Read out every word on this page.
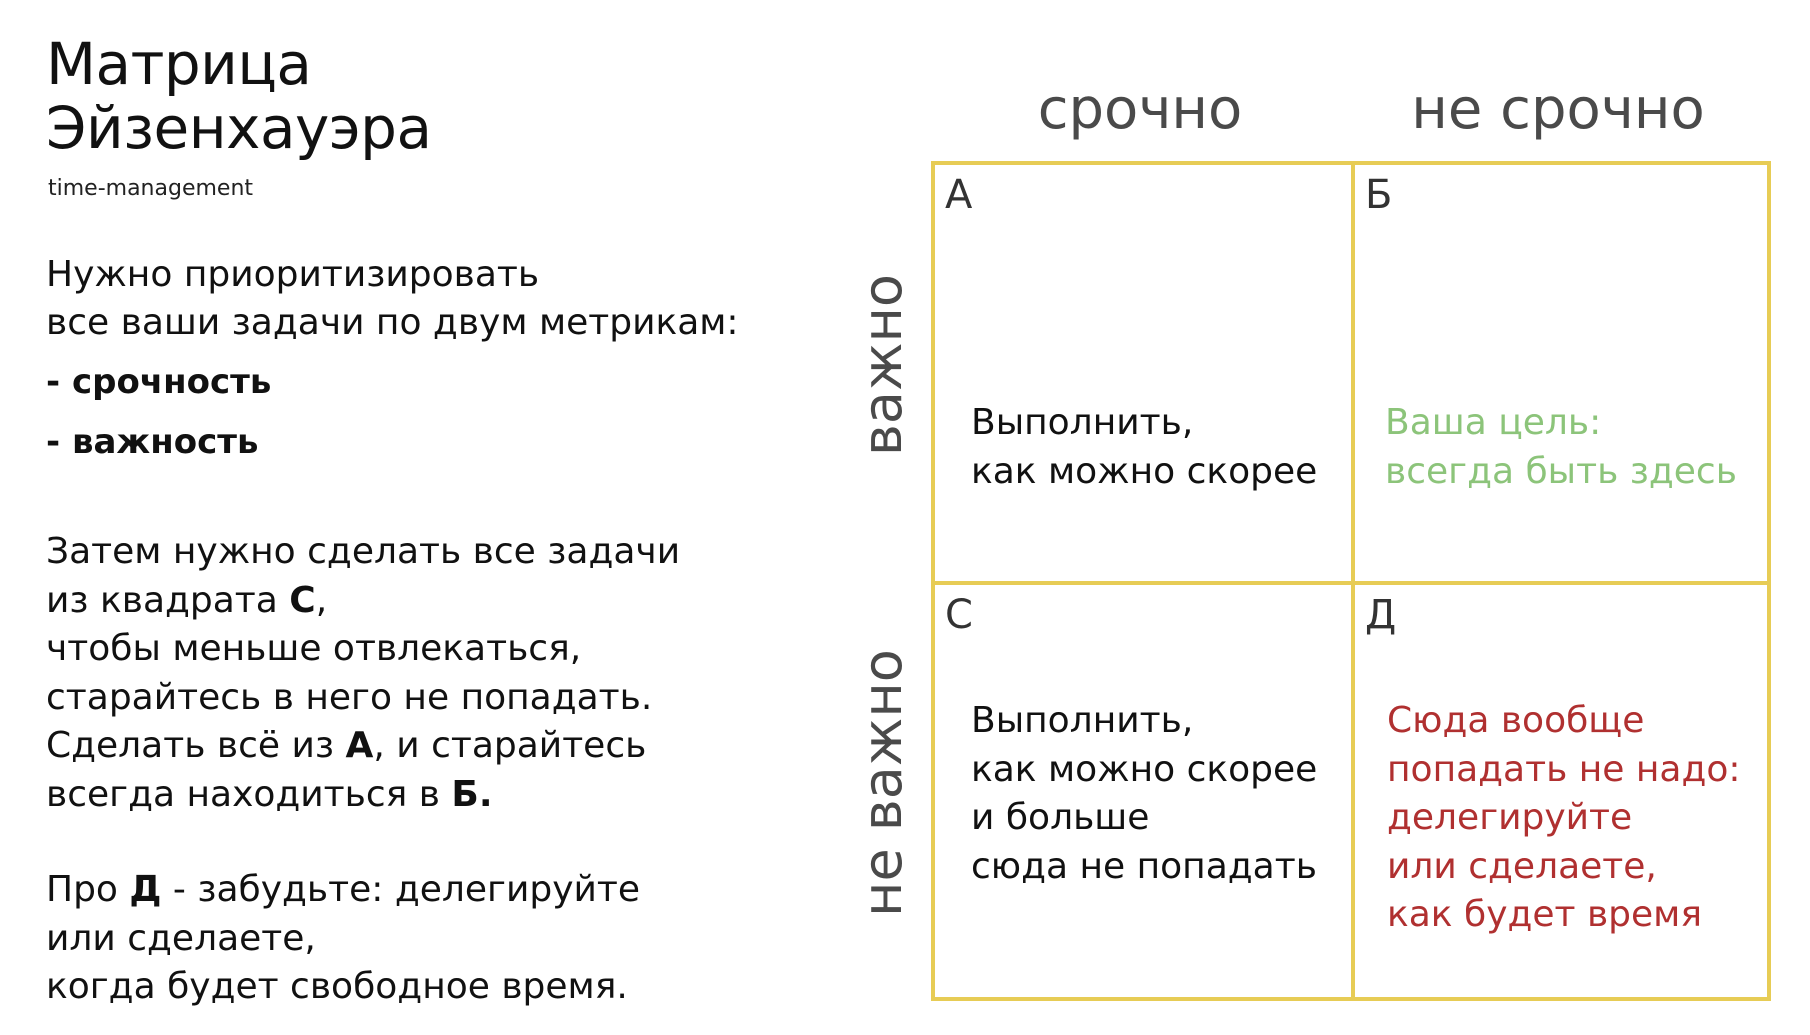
Матрица
Эйзенхауэра
time-management
Нужно приоритизировать
все ваши задачи по двум метрикам:
- срочность
- важность
Затем нужно сделать все задачи
из квадрата С,
чтобы меньше отвлекаться,
старайтесь в него не попадать.
Сделать всё из А, и старайтесь
всегда находиться в Б.
Про Д - забудьте: делегируйте
или сделаете,
когда будет свободное время.
срочно	не срочно
важно
не важно
А
Выполнить,
как можно скорее
Б
Ваша цель:
всегда быть здесь
С
Выполнить,
как можно скорее
и больше
сюда не попадать
Д
Сюда вообще
попадать не надо:
делегируйте
или сделаете,
как будет время
